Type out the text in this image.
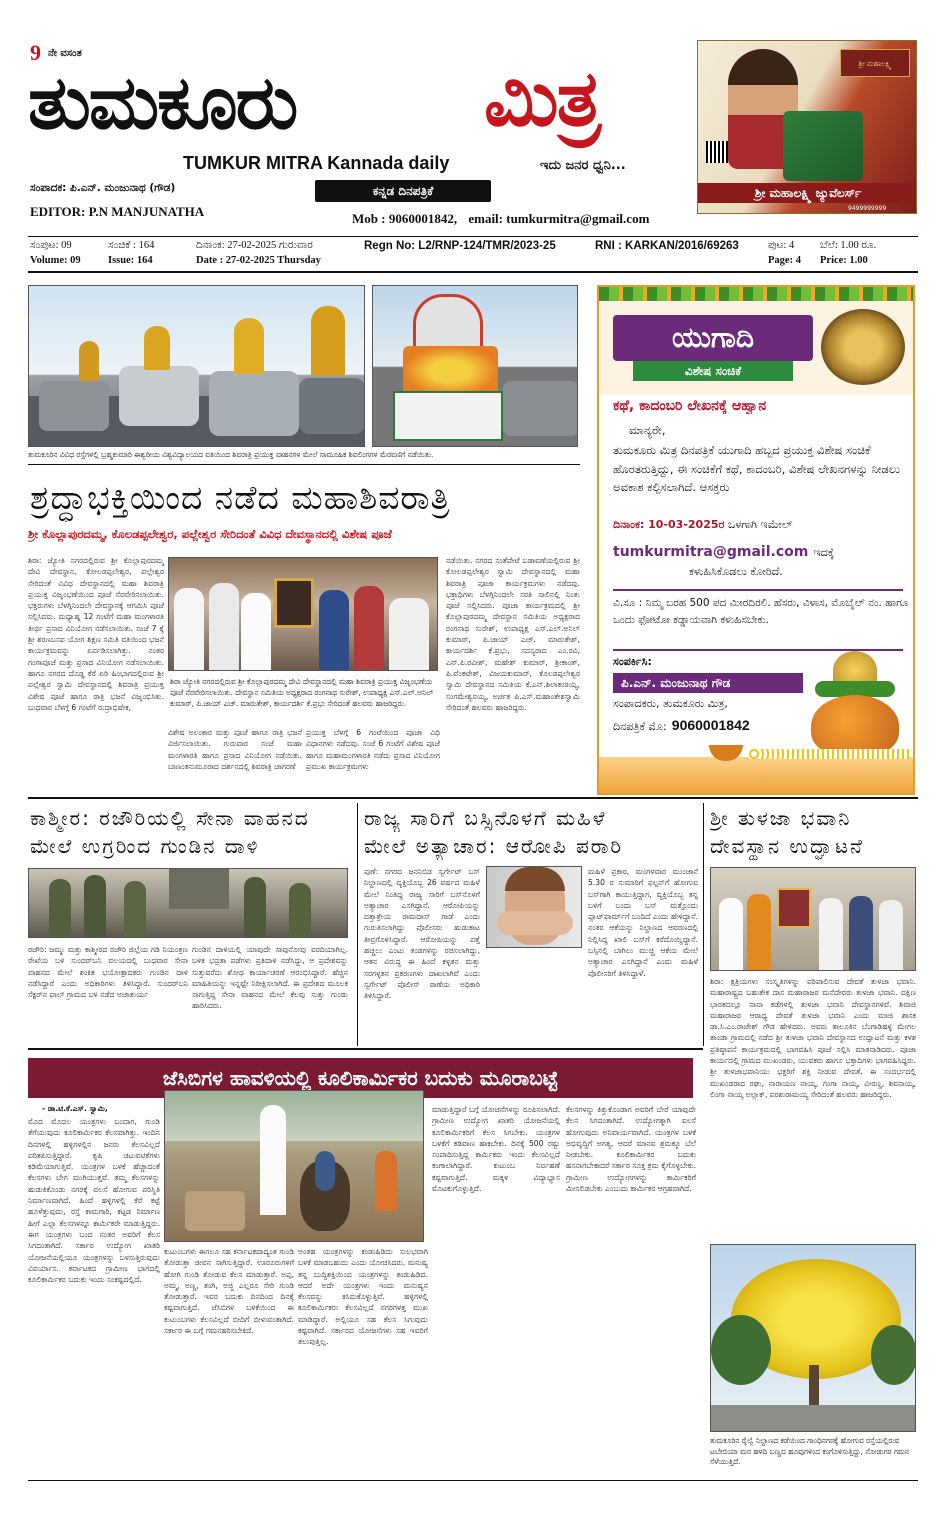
9 ನೇ ವಸಂತ
ತುಮಕೂರು ಮಿತ್ರ
TUMKUR MITRA Kannada daily	ಇದು ಜನರ ಧ್ವನಿ...
ಸಂಪಾದಕ: ಪಿ.ಎನ್. ಮಂಜುನಾಥ (ಗೌಡ)
EDITOR: P.N MANJUNATHA
ಕನ್ನಡ ದಿನಪತ್ರಿಕೆ
Mob : 9060001842, email: tumkurmitra@gmail.com
ಶ್ರೀ ಮಹಾಲಕ್ಷ್ಮಿ
ಶ್ರೀ ಮಹಾಲಕ್ಷ್ಮಿ ಜ್ಯುವೆಲರ್ಸ್
9499999999
ಸಂಪುಟ: 09	ಸಂಚಿಕೆ : 164	ದಿನಾಂಕ: 27-02-2025 ಗುರುವಾರ
Volume: 09	Issue: 164	Date : 27-02-2025 Thursday
Regn No: L2/RNP-124/TMR/2023-25	RNI : KARKAN/2016/69263	ಪುಟ: 4 ಬೆಲೆ: 1.00 ರೂ.
Page: 4 Price: 1.00
ತುಮಕೂರಿನ ವಿವಿಧ ರಸ್ತೆಗಳಲ್ಲಿ ಬ್ರಹ್ಮಕುಮಾರಿ ಈಶ್ವರೀಯ ವಿಶ್ವವಿದ್ಯಾಲಯದ ವತಿಯಿಂದ ಶಿವರಾತ್ರಿ ಪ್ರಯುಕ್ತ ವಾಹನಗಳ ಮೇಲೆ ಸಾಮೂಹಿಕ ಶಿವಲಿಂಗಗಳ ಮೆರವಣಿಗೆ ನಡೆಯಿತು.
ಶ್ರದ್ಧಾಭಕ್ತಿಯಿಂದ ನಡೆದ ಮಹಾಶಿವರಾತ್ರಿ
ಶ್ರೀ ಕೊಲ್ಲಾಪುರದಮ್ಮ, ಕೊಲಡಪ್ಪಲೇಶ್ವರ, ಪಲ್ಲೇಶ್ವರ ಸೇರಿದಂತೆ ವಿವಿಧ ದೇವಸ್ಥಾನದಲ್ಲಿ ವಿಶೇಷ ಪೂಜೆ
ಶಿರಾ: ಜ್ಯೋತಿ ನಗರದಲ್ಲಿರುವ ಶ್ರೀ ಕೊಲ್ಲಾಪುರದಮ್ಮ ದೇವಿ ದೇವಸ್ಥಾನ, ಕೋಲಡಪ್ಪಲೇಶ್ವರ, ಪಲ್ಲೇಶ್ವರ ಸೇರಿದಂತೆ ವಿವಿಧ ದೇವಸ್ಥಾನದಲ್ಲಿ ಮಹಾ ಶಿವರಾತ್ರಿ ಪ್ರಯುಕ್ತ ವಿಜೃಂಭಣೆಯಿಂದ ಪೂಜೆ ನೆರವೇರಿಸಲಾಯಿತು. ಭಕ್ತರುಗಳು ಬೆಳಗ್ಗಿನಿಂದಲೇ ದೇವಸ್ಥಾನಕ್ಕೆ ಆಗಮಿಸಿ ಪೂಜೆ ಸಲ್ಲಿಸಿದರು. ಮಧ್ಯಾಹ್ನ 12 ಗಂಟೆಗೆ ಮಹಾ ಮಂಗಳಾರತಿ ತೀರ್ಥ ಪ್ರಸಾದ ವಿನಿಯೋಗ ನಡೆಸಲಾಯಿತು. ಸಂಜೆ 7 ಕ್ಕೆ ಶ್ರೀ ಶರಣಬಸವ ಯೋಗ ಶಿಕ್ಷಣ ಸಮಿತಿ ವತಿಯಿಂದ ಭಜನೆ ಕಾರ್ಯಕ್ರಮವನ್ನು ಏರ್ಪಡಿಸಲಾಗಿತ್ತು. ನಂತರ ಗಂಗಾಪೂಜೆ ಮತ್ತು ಪ್ರಸಾದ ವಿನಿಯೋಗ ನಡೆಸಲಾಯಿತು. ಹಾಗೂ ನಗರದ ದೊಡ್ಡ ಕೆರೆ ಏರಿ ಹಿಂಭಾಗದಲ್ಲಿರುವ ಶ್ರೀ ಪಲ್ಲೇಶ್ವರ ಸ್ವಾಮಿ ದೇವಸ್ಥಾನದಲ್ಲಿ ಶಿವರಾತ್ರಿ ಪ್ರಯುಕ್ತ ವಿಶೇಷ ಪೂಜೆ ಹಾಗೂ ರಾತ್ರಿ ಭಜನೆ ವಿಜೃಂಭಿಸಿತು. ಬುಧವಾರ ಬೆಳಗ್ಗೆ 6 ಗಂಟೆಗೆ ರುದ್ರಾಭಿಷೇಕ,
ಶಿರಾ ಜ್ಯೋತಿ ನಗರದಲ್ಲಿರುವ ಶ್ರೀ ಕೊಲ್ಲಾಪುರದಮ್ಮ ದೇವಿ ದೇವಸ್ಥಾನದಲ್ಲಿ ಮಹಾ ಶಿವರಾತ್ರಿ ಪ್ರಯುಕ್ತ ವಿಜೃಂಭಣೆಯ ಪೂಜೆ ನೆರವೇರಿಸಲಾಯಿತು. ದೇವಸ್ಥಾನ ಸಮಿತಿಯ ಅಧ್ಯಕ್ಷರಾದ ರಂಗನಾಥ ಸುರೇಶ್, ಉಪಾಧ್ಯಕ್ಷ ಎಸ್.ಎಲ್.ಅನಿಲ್ ಕುಮಾರ್, ಪಿ.ಜಾಯ್ ಎಚ್. ಮಾರುತೇಶ್, ಕಾರ್ಯದರ್ಶಿ ಕೆ.ಪ್ರಭು ಸೇರಿದಂತೆ ಹಲವರು ಹಾಜರಿದ್ದರು.
ವಿಶೇಷ ಅಲಂಕಾರ ಮತ್ತು ಪೂಜೆ ಹಾಗೂ ರಾತ್ರಿ ಭಜನೆ ವಿರ್ಜಿಸಲಾಯಿತು. ಗುರುವಾರ ಸಂಜೆ ಮಹಾ ಮಂಗಳಾರತಿ ಹಾಗೂ ಪ್ರಸಾದ ವಿನಿಯೋಗ ನಡೆಯಿತು. ಬಾಣಂತನುಮೂರಾದ ದರ್ಶನದಲ್ಲಿ ಶಿವರಾತ್ರಿ ಜಾಗರಣೆ
ಪ್ರಯುಕ್ತ ಬೆಳಗ್ಗೆ 6 ಗಂಟೆಯಿಂದ ಪೂಜಾ ವಿಧಿ ವಿಧಾನಗಳು ನಡೆದವು. ಸಂಜೆ 6 ಗಂಟೆಗೆ ವಿಶೇಷ ಪೂಜೆ ಹಾಗೂ ಮಹಾಮಂಗಳಾರತಿ ನಡೆದು ಪ್ರಸಾದ ವಿನಿಯೋಗ ಪ್ರಮುಖ ಕಾರ್ಯಕ್ರಮಗಳು
ನಡೆಯಿತು. ನಗರದ ಸಂತೆಪೇಟೆ ಬಡಾವಣೆಯಲ್ಲಿರುವ ಶ್ರೀ ಕೋಲಡಪ್ಪಲೇಶ್ವರ ಸ್ವಾಮಿ ದೇವಸ್ಥಾನದಲ್ಲಿ ಮಹಾ ಶಿವರಾತ್ರಿ ಪೂಜಾ ಕಾರ್ಯಕ್ರಮಗಳು ನಡೆದವು. ಭಕ್ತಾಧಿಗಳು ಬೆಳಗ್ಗಿನಿಂದಲೇ ಸರತಿ ಸಾಲಿನಲ್ಲಿ ನಿಂತು ಪೂಜೆ ಸಲ್ಲಿಸಿದರು. ಪೂಜಾ ಕಾರ್ಯಕ್ರಮದಲ್ಲಿ ಶ್ರೀ ಕೊಲ್ಲಾಪುರದಮ್ಮ ದೇವಸ್ಥಾನ ಸಮಿತಿಯ ಅಧ್ಯಕ್ಷರಾದ ರಂಗನಾಥ ಸುರೇಶ್, ಉಪಾಧ್ಯಕ್ಷ ಎಸ್.ಎಲ್.ಅನಿಲ್ ಕುಮಾರ್, ಪಿ.ಜಾಯ್ ಎಚ್. ಮಾರುತೇಶ್, ಕಾರ್ಯದರ್ಶಿ ಕೆ.ಪ್ರಭು, ಸದಸ್ಯರಾದ ಎಂ.ರವಿ, ಎನ್.ಪಿ.ರವೀಶ್, ಮಹೇಶ್ ಕುಮಾರ್, ಶ್ರೀಕಾಂತ್, ಪಿ.ವೆಂಕಟೇಶ್, ವಿಜಯಕುಮಾರ್, ಕೊಲಡಪ್ಪಲೇಶ್ವರ ಸ್ವಾಮಿ ದೇವಸ್ಥಾನದ ಸಮಿತಿಯ ಕೆ.ಎನ್.ಶಿಲಾಕಂಠಯ್ಯ, ಸಂಗಮೇಶ್ವರಯ್ಯ, ಅರ್ಚಕ ಪಿ.ಎಸ್.ಮಹಾಂತೇಶಸ್ವಾಮಿ ಸೇರಿದಂತೆ ಹಲವರು ಹಾಜರಿದ್ದರು.
ಯುಗಾದಿ
ವಿಶೇಷ ಸಂಚಿಕೆ
ಕಥೆ, ಕಾದಂಬರಿ ಲೇಖನಕ್ಕೆ ಆಹ್ವಾನ
ಮಾನ್ಯರೇ,
ತುಮಕೂರು ಮಿತ್ರ ದಿನಪತ್ರಿಕೆ ಯುಗಾದಿ ಹಬ್ಬದ ಪ್ರಯುಕ್ತ ವಿಶೇಷ ಸಂಚಿಕೆ ಹೊರತರುತ್ತಿದ್ದು, ಈ ಸಂಚಿಕೆಗೆ ಕಥೆ, ಕಾದಂಬರಿ, ವಿಶೇಷ ಲೇಖನಗಳನ್ನು ನೀಡಲು ಅವಕಾಶ ಕಲ್ಪಿಸಲಾಗಿದೆ. ಆಸಕ್ತರು
ದಿನಾಂಕ: 10-03-2025ರ ಒಳಗಾಗಿ ಇಮೇಲ್
tumkurmitra@gmail.com ಇದಕ್ಕೆ
ಕಳುಹಿಸಿಕೊಡಲು ಕೋರಿದೆ.
ವಿ.ಸೂ : ನಿಮ್ಮ ಬರಹ 500 ಪದ ಮೀರದಿರಲಿ. ಹೆಸರು, ವಿಳಾಸ, ಮೊಬೈಲ್ ನಂ. ಹಾಗೂ ಒಂದು ಫೋಟೋ ಕಡ್ಡಾಯವಾಗಿ ಕಳುಹಿಸಬೇಕು.
ಸಂಪರ್ಕಿಸಿ:
ಪಿ.ಎನ್. ಮಂಜುನಾಥ ಗೌಡ
ಸಂಪಾದಕರು, ತುಮಕೂರು ಮಿತ್ರ,
ದಿನಪತ್ರಿಕೆ ಮೊ: 9060001842
ಕಾಶ್ಮೀರ: ರಜೌರಿಯಲ್ಲಿ ಸೇನಾ ವಾಹನದ
ಮೇಲೆ ಉಗ್ರರಿಂದ ಗುಂಡಿನ ದಾಳಿ
ರಜೌರಿ: ಜಮ್ಮು ಮತ್ತು ಕಾಶ್ಮೀರದ ರಜೌರಿ ಜಿಲ್ಲೆಯ ಗಡಿ ನಿಯಂತ್ರಣ ರೇಖೆಯ ಬಳಿ ಸುಂದರ್‌ಬನಿ ವಲಯದಲ್ಲಿ ಬುಧವಾರ ಸೇನಾ ವಾಹನದ ಮೇಲೆ ಶಂಕಿತ ಭಯೋತ್ಪಾದಕರು ಗುಂಡಿನ ದಾಳಿ ನಡೆಸಿದ್ದಾರೆ ಎಂದು ಅಧಿಕಾರಿಗಳು ತಿಳಿಸಿದ್ದಾರೆ. ಸುಂದರ್‌ಬನಿ ಸೆಕ್ಟರ್‌ನ ಫಾಲ್ ಗ್ರಾಮದ ಬಳಿ ನಡೆದ ಅಚಾತುರ್ಯ
ಗುಂಡಿನ ದಾಳಿಯಲ್ಲಿ ಯಾವುದೇ ಸಾವುನೋವು ವರದಿಯಾಗಿಲ್ಲ. ಬಳಿಕ ಭದ್ರತಾ ಪಡೆಗಳು ಪ್ರತಿದಾಳಿ ನಡೆಸಿದ್ದು, ಆ ಪ್ರದೇಶವನ್ನು ಸುತ್ತುವರೆದು ಶೋಧ ಕಾರ್ಯಾಚರಣೆ ಆರಂಭಿಸಿದ್ದಾರೆ. ಹೆಚ್ಚಿನ ಮಾಹಿತಿಯನ್ನು ಇನ್ನಷ್ಟೇ ನಿರೀಕ್ಷಿಸಲಾಗಿದೆ. ಈ ಪ್ರದೇಶದ ಮೂಲಕ ಸಾಗುತ್ತಿದ್ದ ಸೇನಾ ವಾಹನದ ಮೇಲೆ ಕೆಲವು ಸುತ್ತು ಗುಂಡು ಹಾರಿಸಿದರು.
ರಾಜ್ಯ ಸಾರಿಗೆ ಬಸ್ಸಿನೊಳಗೆ ಮಹಿಳೆ
ಮೇಲೆ ಅತ್ಯಾಚಾರ: ಆರೋಪಿ ಪರಾರಿ
ಪುಣೆ: ನಗರದ ಜನನಿಬಿಡ ಸ್ವರ್ಗೇಟ್ ಬಸ್ ನಿಲ್ದಾಣದಲ್ಲಿ ವ್ಯಕ್ತಿಯೊಬ್ಬ 26 ವರ್ಷದ ಮಹಿಳೆ ಮೇಲೆ ನಿಂತಿದ್ದ ರಾಜ್ಯ ಸಾರಿಗೆ ಬಸ್‌ನೊಳಗೆ ಅತ್ಯಾಚಾರ ಎಸಗಿದ್ದಾನೆ. ಆರೋಪಿಯನ್ನು ದತ್ತಾತ್ರೇಯ ರಾಮದಾಸ್ ಗಾಡೆ ಎಂದು ಗುರುತಿಸಲಾಗಿದ್ದು ಪೊಲೀಸರು ಹುಡುಕಾಟ ತೀವ್ರಗೊಳಿಸಿದ್ದಾರೆ. ಆರೋಪಿಯನ್ನು ಪತ್ತೆ ಹಚ್ಚಲು ಎಂಟು ತಂಡಗಳನ್ನು ರಚಿಸಲಾಗಿದ್ದು, ಆತನ ವಿರುದ್ಧ ಈ ಹಿಂದೆ ಕಳ್ಳತನ ಮತ್ತು ಸರಗಳ್ಳತನ ಪ್ರಕರಣಗಳು ದಾಖಲಾಗಿವೆ ಎಂದು ಸ್ವರ್ಗೇಟ್ ಪೊಲೀಸ್ ಠಾಣೆಯ ಅಧಿಕಾರಿ ತಿಳಿಸಿದ್ದಾರೆ.
ಮಹಿಳೆ ಪ್ರಕಾರ, ಮಂಗಳವಾರ ಮುಂಜಾನೆ 5.30 ರ ಸುಮಾರಿಗೆ ಫಲ್ಟನ್‌ಗೆ ಹೋಗುವ ಬಸ್‌ಗಾಗಿ ಕಾಯುತ್ತಿದ್ದಾಗ, ವ್ಯಕ್ತಿಯೊಬ್ಬ ತನ್ನ ಬಳಿಗೆ ಬಂದು ಬಸ್ ಮತ್ತೊಂದು ಪ್ಲಾಟ್‌ಫಾರ್ಮ್‌ಗೆ ಬಂದಿದೆ ಎಂದು ಹೇಳಿದ್ದಾನೆ. ನಂತರ ಆಕೆಯನ್ನು ನಿಲ್ದಾಣದ ಆವರಣದಲ್ಲಿ ನಿಲ್ಲಿಸಿದ್ದ ಖಾಲಿ ಬಸ್‌ಗೆ ಕರೆದೊಯ್ದಿದ್ದಾನೆ. ಬಸ್ಸಿನಲ್ಲಿ ಬಾಗಿಲು ಮುಚ್ಚಿ ಆಕೆಯ ಮೇಲೆ ಅತ್ಯಾಚಾರ ಎಸಗಿದ್ದಾನೆ ಎಂದು ಮಹಿಳೆ ಪೊಲೀಸರಿಗೆ ತಿಳಿಸಿದ್ದಾಳೆ.
ಶ್ರೀ ತುಳಜಾ ಭವಾನಿ
ದೇವಸ್ಥಾನ ಉದ್ಘಾಟನೆ
ಶಿರಾ: ಕ್ಷತ್ರಿಯಗಳು ಸಂಸ್ಕೃತಿಗಳನ್ನು ಪರಿಪಾಲಿಸುವ ದೇವತೆ ತುಳಜಾ ಭವಾನಿ. ಮಹಾರಾಷ್ಟ್ರದ ಬಹುತೇಕ ದಾಸ ಮಹಾರಾಜರ ಮನೆದೇವರು ತುಳಜಾ ಭವಾನಿ. ದಕ್ಷಿಣ ಭಾರತದಲ್ಲೂ ನಾನಾ ಕಡೆಗಳಲ್ಲಿ ತುಳಜಾ ಭವಾನಿ ದೇವಸ್ಥಾನಗಳಿವೆ. ಶಿವಾಜಿ ಮಹಾರಾಜರ ಆರಾಧ್ಯ ದೇವತೆ ತುಳಜಾ ಭವಾನಿ ಎಂದು ಮಾಜಿ ಶಾಸಕ ಡಾ.ಸಿ.ಎಂ.ರಾಜೇಶ್ ಗೌಡ ಹೇಳಿದರು. ಅವರು ತಾಲೂಕಿನ ಬೆಂಗಾಡಿಹಳ್ಳಿ ಮೇಗಲ ತಾಂಡಾ ಗ್ರಾಮದಲ್ಲಿ ನಡೆದ ಶ್ರೀ ತುಳಜಾ ಭವಾನಿ ದೇವಸ್ಥಾನದ ಉದ್ಘಾಟನೆ ಮತ್ತು ಕಳಶ ಪ್ರತಿಷ್ಠಾಪನೆ ಕಾರ್ಯಕ್ರಮದಲ್ಲಿ ಭಾಗವಹಿಸಿ ಪೂಜೆ ಸಲ್ಲಿಸಿ ಮಾತನಾಡಿದರು. ಪೂಜಾ ಕಾರ್ಯದಲ್ಲಿ ಗ್ರಾಮದ ಮುಖಂಡರು, ಯುವಕರು ಹಾಗೂ ಭಕ್ತಾದಿಗಳು ಭಾಗವಹಿಸಿದ್ದರು. ಶ್ರೀ ತುಳಜಾಭವಾನಿಯು ಭಕ್ತರಿಗೆ ಶಕ್ತಿ ನೀಡುವ ದೇವತೆ. ಈ ಸಂದರ್ಭದಲ್ಲಿ ಮುಖಂಡರಾದ ರಘು, ನಾರಾಯಣ ನಾಯ್ಕ, ಗಂಗಾ ನಾಯ್ಕ, ವೀರಣ್ಣ, ಶಿವನಾಯ್ಕ, ಲಿಂಗಾ ನಾಯ್ಕ ಅಲ್ಲಾಕ್, ಪರಶುರಾಮಯ್ಯ ಸೇರಿದಂತೆ ಹಲವರು ಹಾಜರಿದ್ದರು.
ಜೆಸಿಬಿಗಳ ಹಾವಳಿಯಲ್ಲಿ ಕೂಲಿಕಾರ್ಮಿಕರ ಬದುಕು ಮೂರಾಬಟ್ಟೆ
- ಡಾ.ಟಿ.ಕೆ.ಎಸ್. ಸ್ವಾಮಿ,
ಮೊದ ಮೊದಲ ಯಂತ್ರಗಳು ಬಂದಾಗ, ಗುಂಡಿ ತೆಗೆಯುವುದು ಕೂಲಿಕಾರ್ಮಿಕರ ಕೆಲಸವಾಗಿತ್ತು. ಇಂದಿನ ದಿನಗಳಲ್ಲಿ ಹಳ್ಳಿಗಳಲ್ಲಿನ ಜನರು ಕೆಲಸವಿಲ್ಲದೆ ಪರಿತಪಿಸುತ್ತಿದ್ದಾರೆ. ಕೃಷಿ ಚಟುವಟಿಕೆಗಳು ಕಡಿಮೆಯಾಗುತ್ತಿವೆ. ಯಂತ್ರಗಳ ಬಳಕೆ ಹೆಚ್ಚಾದಂತೆ ಕೆಲಸಗಳು ಬೇಗ ಮುಗಿಯುತ್ತವೆ. ತಮ್ಮ ಕೆಲಸಗಳನ್ನು ಹುಡುಕಿಕೊಂಡು ನಗರಕ್ಕೆ ವಲಸೆ ಹೋಗುವ ಪರಿಸ್ಥಿತಿ ನಿರ್ಮಾಣವಾಗಿದೆ. ಹಿಂದೆ ಹಳ್ಳಿಗಳಲ್ಲಿ ಕೆರೆ ಕಟ್ಟೆ ಹೂಳೆತ್ತುವುದು, ರಸ್ತೆ ಕಾಮಗಾರಿ, ಕಟ್ಟಡ ನಿರ್ಮಾಣ ಹೀಗೆ ಎಲ್ಲಾ ಕೆಲಸಗಳನ್ನೂ ಕಾರ್ಮಿಕರೇ ಮಾಡುತ್ತಿದ್ದರು. ಈಗ ಯಂತ್ರಗಳು ಬಂದ ನಂತರ ಅವರಿಗೆ ಕೆಲಸ ಸಿಗದಂತಾಗಿದೆ. ಸರ್ಕಾರ ಉದ್ಯೋಗ ಖಾತರಿ ಯೋಜನೆಯಲ್ಲಿಯೂ ಯಂತ್ರಗಳನ್ನು ಬಳಸುತ್ತಿರುವುದು ವಿಪರ್ಯಾಸ. ಕರ್ನಾಟಕದ ಗ್ರಾಮೀಣ ಭಾಗದಲ್ಲಿ ಕೂಲಿಕಾರ್ಮಿಕರ ಬದುಕು ಇಂದು ಸಂಕಷ್ಟದಲ್ಲಿದೆ.
ಕುಟುಂಬಗಳು ಈಗಲೂ ಸಹ ಕರ್ನಾಟಕದಾದ್ಯಂತ ಗುಂಡಿ ತೋಡುತ್ತಾ ಜೀವನ ಸಾಗಿಸುತ್ತಿದ್ದಾರೆ. ಊರೂರುಗಳಿಗೆ ಹೋಗಿ ಗುಂಡಿ ತೋಡುವ ಕೆಲಸ ಮಾಡುತ್ತಾರೆ. ಅಪ್ಪ, ಅಮ್ಮ, ಅಣ್ಣ, ತಂಗಿ, ಅಜ್ಜಿ ಎಲ್ಲರೂ ಸೇರಿ ಗುಂಡಿ ತೋಡುತ್ತಾರೆ. ಇವರ ಬದುಕು ದಿನದಿಂದ ದಿನಕ್ಕೆ ಕಷ್ಟವಾಗುತ್ತಿದೆ. ಜೆಸಿಬಿಗಳ ಬಳಕೆಯಿಂದ ಈ ಕುಟುಂಬಗಳು ಕೆಲಸವಿಲ್ಲದೆ ಬೀದಿಗೆ ಬೀಳುವಂತಾಗಿದೆ. ಸರ್ಕಾರ ಈ ಬಗ್ಗೆ ಗಮನಹರಿಸಬೇಕಿದೆ.
ಅಂತಹ ಯಂತ್ರಗಳನ್ನು ಕಂಡುಹಿಡಿದು ಸುಲಭವಾಗಿ ಬಳಕೆ ಮಾಡಬಹುದು ಎಂದು ಯೋಚಿಸಿದರು. ಮನುಷ್ಯ ತನ್ನ ಬುದ್ಧಿಶಕ್ತಿಯಿಂದ ಯಂತ್ರಗಳನ್ನು ಕಂಡುಹಿಡಿದ. ಆದರೆ ಅದೇ ಯಂತ್ರಗಳು ಇಂದು ಮನುಷ್ಯನ ಕೆಲಸವನ್ನು ಕಸಿದುಕೊಳ್ಳುತ್ತಿವೆ. ಹಳ್ಳಿಗಳಲ್ಲಿ ಕೂಲಿಕಾರ್ಮಿಕರು ಕೆಲಸವಿಲ್ಲದೆ ನಗರಗಳತ್ತ ಮುಖ ಮಾಡಿದ್ದಾರೆ. ಅಲ್ಲಿಯೂ ಸಹ ಕೆಲಸ ಸಿಗುವುದು ಕಷ್ಟವಾಗಿದೆ. ಸರ್ಕಾರದ ಯೋಜನೆಗಳು ಸಹ ಇವರಿಗೆ ತಲುಪುತ್ತಿಲ್ಲ.
ಮಾಡುತ್ತಿದ್ದಾರೆ ಬಗ್ಗೆ ಯೋಚನೆಗಳನ್ನು ರೂಪಿಸಲಾಗಿದೆ. ಗ್ರಾಮೀಣ ಉದ್ಯೋಗ ಖಾತರಿ ಯೋಜನೆಯಲ್ಲಿ ಕೂಲಿಕಾರ್ಮಿಕರಿಗೆ ಕೆಲಸ ಸಿಗಬೇಕು. ಯಂತ್ರಗಳ ಬಳಕೆಗೆ ಕಡಿವಾಣ ಹಾಕಬೇಕು. ದಿನಕ್ಕೆ 500 ರಷ್ಟು ಸಂಪಾದಿಸುತ್ತಿದ್ದ ಕಾರ್ಮಿಕರು ಇಂದು ಕೆಲಸವಿಲ್ಲದೆ ಕಂಗಾಲಾಗಿದ್ದಾರೆ. ಕುಟುಂಬ ನಿರ್ವಹಣೆ ಕಷ್ಟವಾಗುತ್ತಿದೆ. ಮಕ್ಕಳ ವಿದ್ಯಾಭ್ಯಾಸ ಮೊಟಕುಗೊಳ್ಳುತ್ತಿದೆ.
ಕೆಲಸಗಳನ್ನು ಕಿತ್ತುಕೊಂಡಾಗ ಅವರಿಗೆ ಬೇರೆ ಯಾವುದೇ ಕೆಲಸ ಸಿಗದಂತಾಗಿದೆ. ಉದ್ಯೋಗಕ್ಕಾಗಿ ವಲಸೆ ಹೋಗುವುದು ಅನಿವಾರ್ಯವಾಗಿದೆ. ಯಂತ್ರಗಳ ಬಳಕೆ ಅಭಿವೃದ್ಧಿಗೆ ಅಗತ್ಯ, ಆದರೆ ಮಾನವ ಶ್ರಮಕ್ಕೂ ಬೆಲೆ ನೀಡಬೇಕು. ಕೂಲಿಕಾರ್ಮಿಕರ ಬದುಕು ಹಸನಾಗಬೇಕಾದರೆ ಸರ್ಕಾರ ಸೂಕ್ತ ಕ್ರಮ ಕೈಗೊಳ್ಳಬೇಕು. ಗ್ರಾಮೀಣ ಉದ್ಯೋಗಗಳನ್ನು ಕಾರ್ಮಿಕರಿಗೆ ಮೀಸಲಿಡಬೇಕು ಎಂಬುದು ಕಾರ್ಮಿಕರ ಆಗ್ರಹವಾಗಿದೆ.
ತುಮಕೂರಿನ ರೈಲ್ವೆ ನಿಲ್ದಾಣದ ಕಡೆಯಿಂದ ಗಾಂಧಿನಗರಕ್ಕೆ ಹೋಗುವ ರಸ್ತೆಯಲ್ಲಿರುವ ಟಬೇಬಿಯಾ ಮರ ಹಳದಿ ಬಣ್ಣದ ಹೂವುಗಳಿಂದ ಕಂಗೊಳಿಸುತ್ತಿದ್ದು, ನೋಡುಗರ ಗಮನ ಸೆಳೆಯುತ್ತಿದೆ.
